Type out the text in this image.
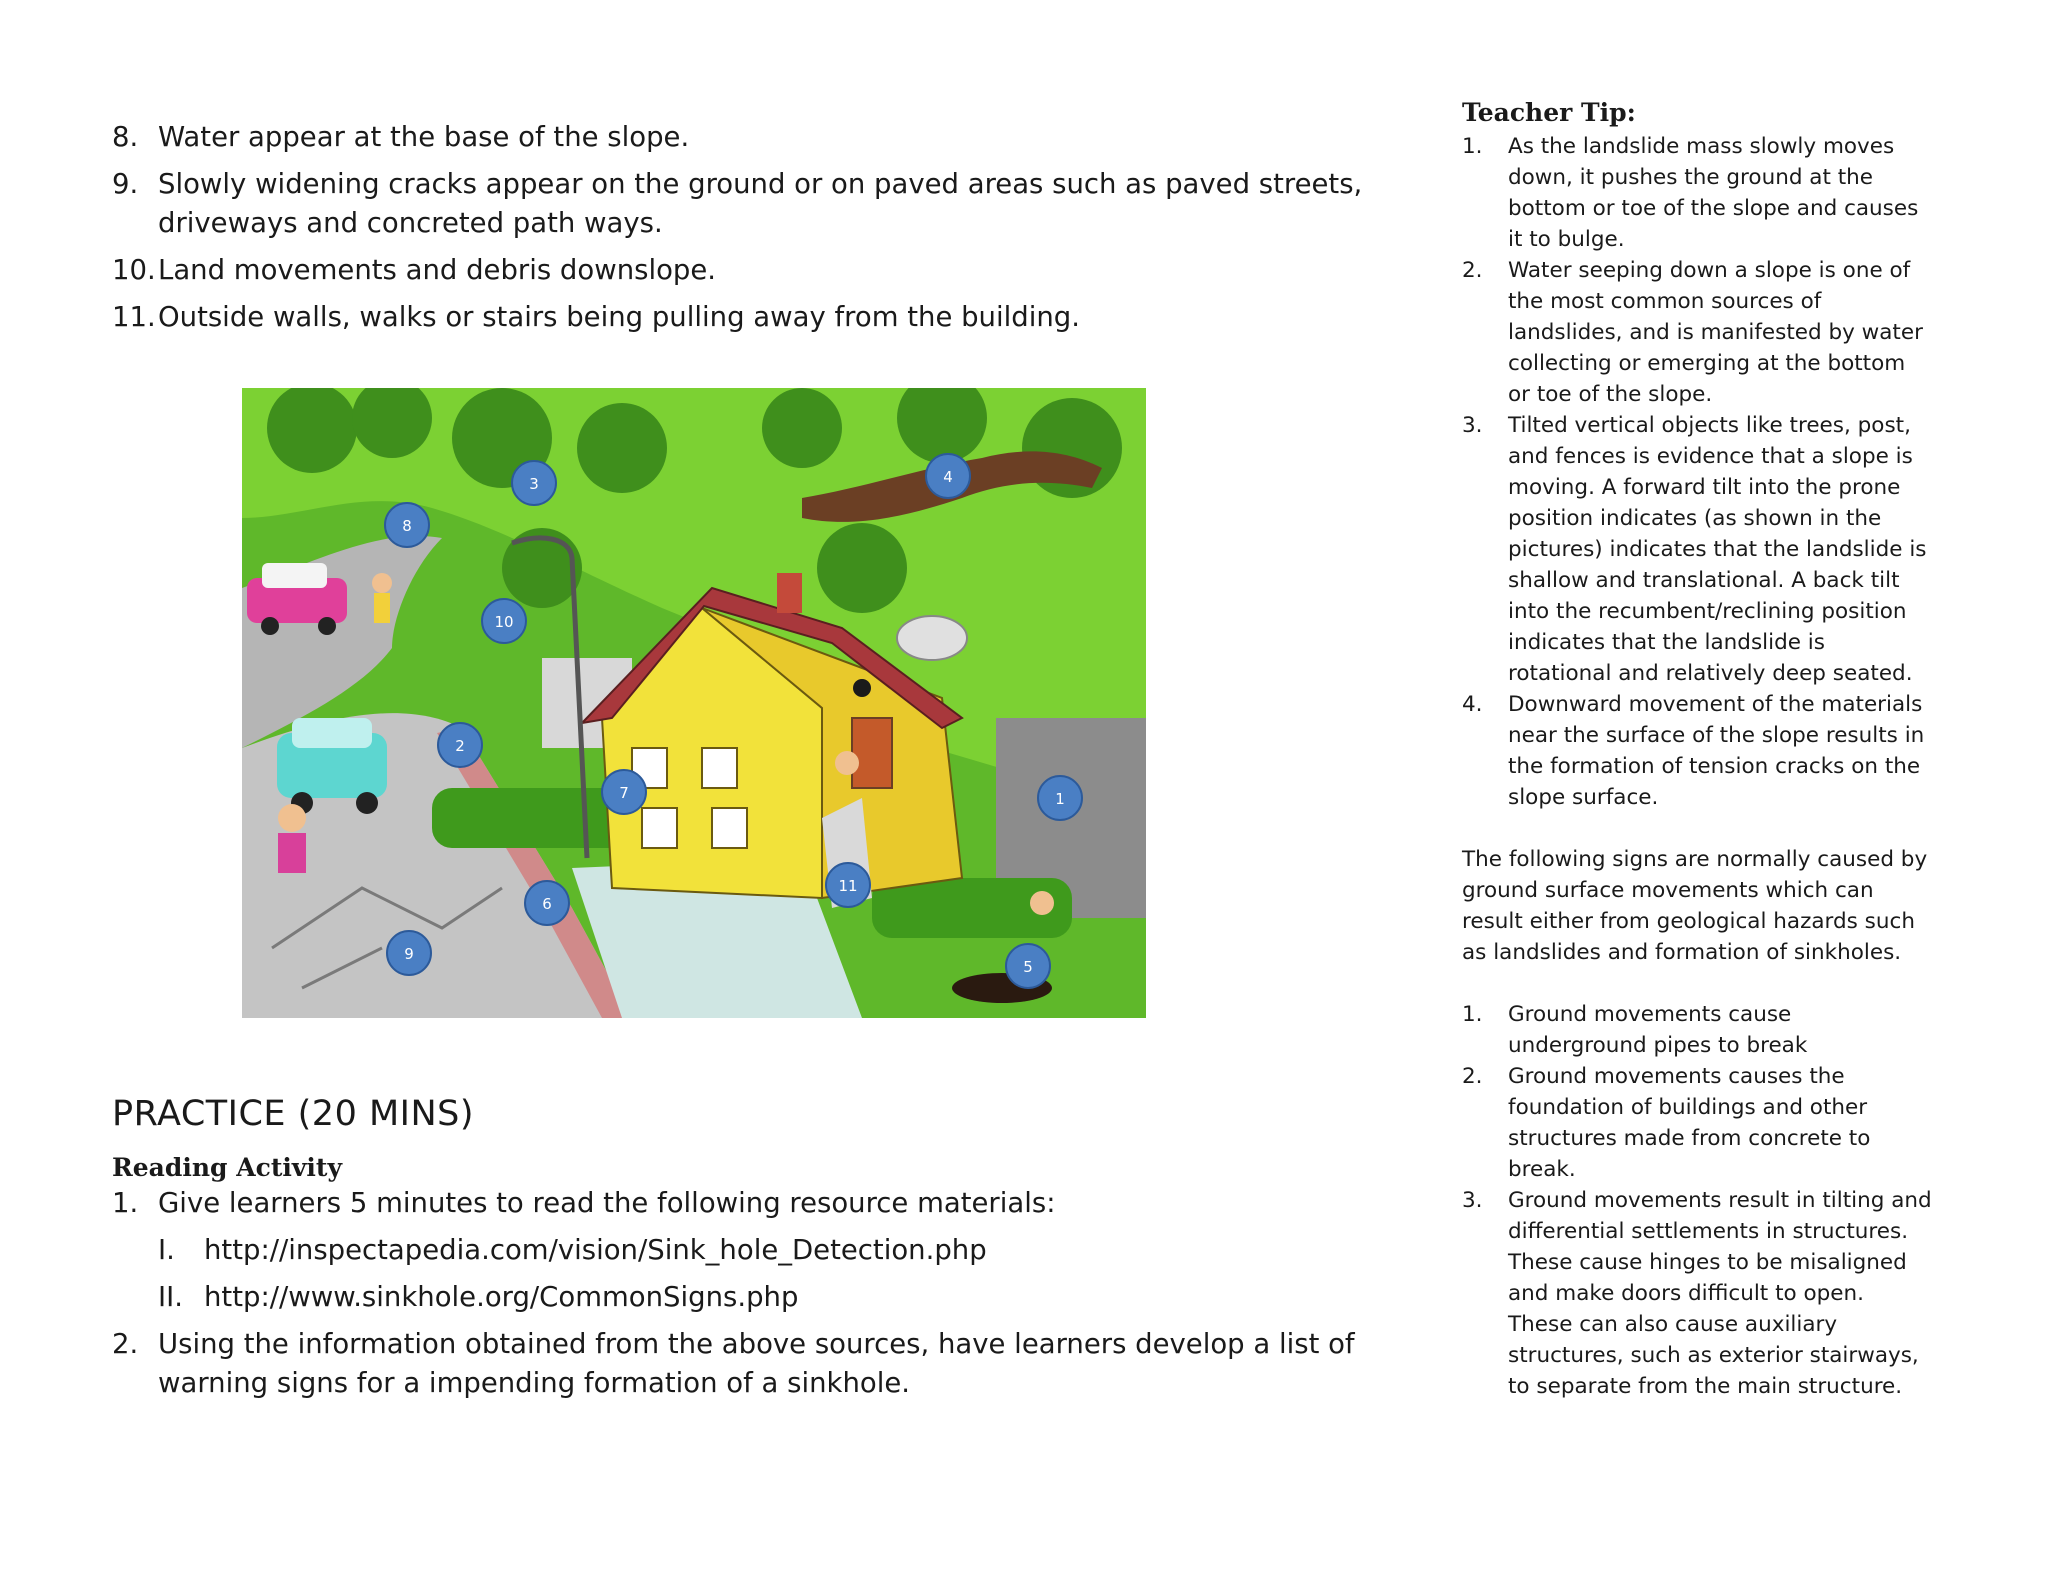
8. Water appear at the base of the slope.
9. Slowly widening cracks appear on the ground or on paved areas such as paved streets, driveways and concreted path ways.
10. Land movements and debris downslope.
11. Outside walls, walks or stairs being pulling away from the building.
1
2
3	4
5
6
7
8
9
10
11
PRACTICE (20 MINS)
Reading Activity
1. Give learners 5 minutes to read the following resource materials:
I. http://inspectapedia.com/vision/Sink_hole_Detection.php
II. http://www.sinkhole.org/CommonSigns.php
2. Using the information obtained from the above sources, have learners develop a list of warning signs for a impending formation of a sinkhole.
Teacher Tip:
1. As the landslide mass slowly moves down, it pushes the ground at the bottom or toe of the slope and causes it to bulge.
2. Water seeping down a slope is one of the most common sources of landslides, and is manifested by water collecting or emerging at the bottom or toe of the slope.
3. Tilted vertical objects like trees, post, and fences is evidence that a slope is moving. A forward tilt into the prone position indicates (as shown in the pictures) indicates that the landslide is shallow and translational. A back tilt into the recumbent/reclining position indicates that the landslide is rotational and relatively deep seated.
4. Downward movement of the materials near the surface of the slope results in the formation of tension cracks on the slope surface.

The following signs are normally caused by ground surface movements which can result either from geological hazards such as landslides and formation of sinkholes.

1. Ground movements cause underground pipes to break
2. Ground movements causes the foundation of buildings and other structures made from concrete to break.
3. Ground movements result in tilting and differential settlements in structures. These cause hinges to be misaligned and make doors difficult to open. These can also cause auxiliary structures, such as exterior stairways, to separate from the main structure.
